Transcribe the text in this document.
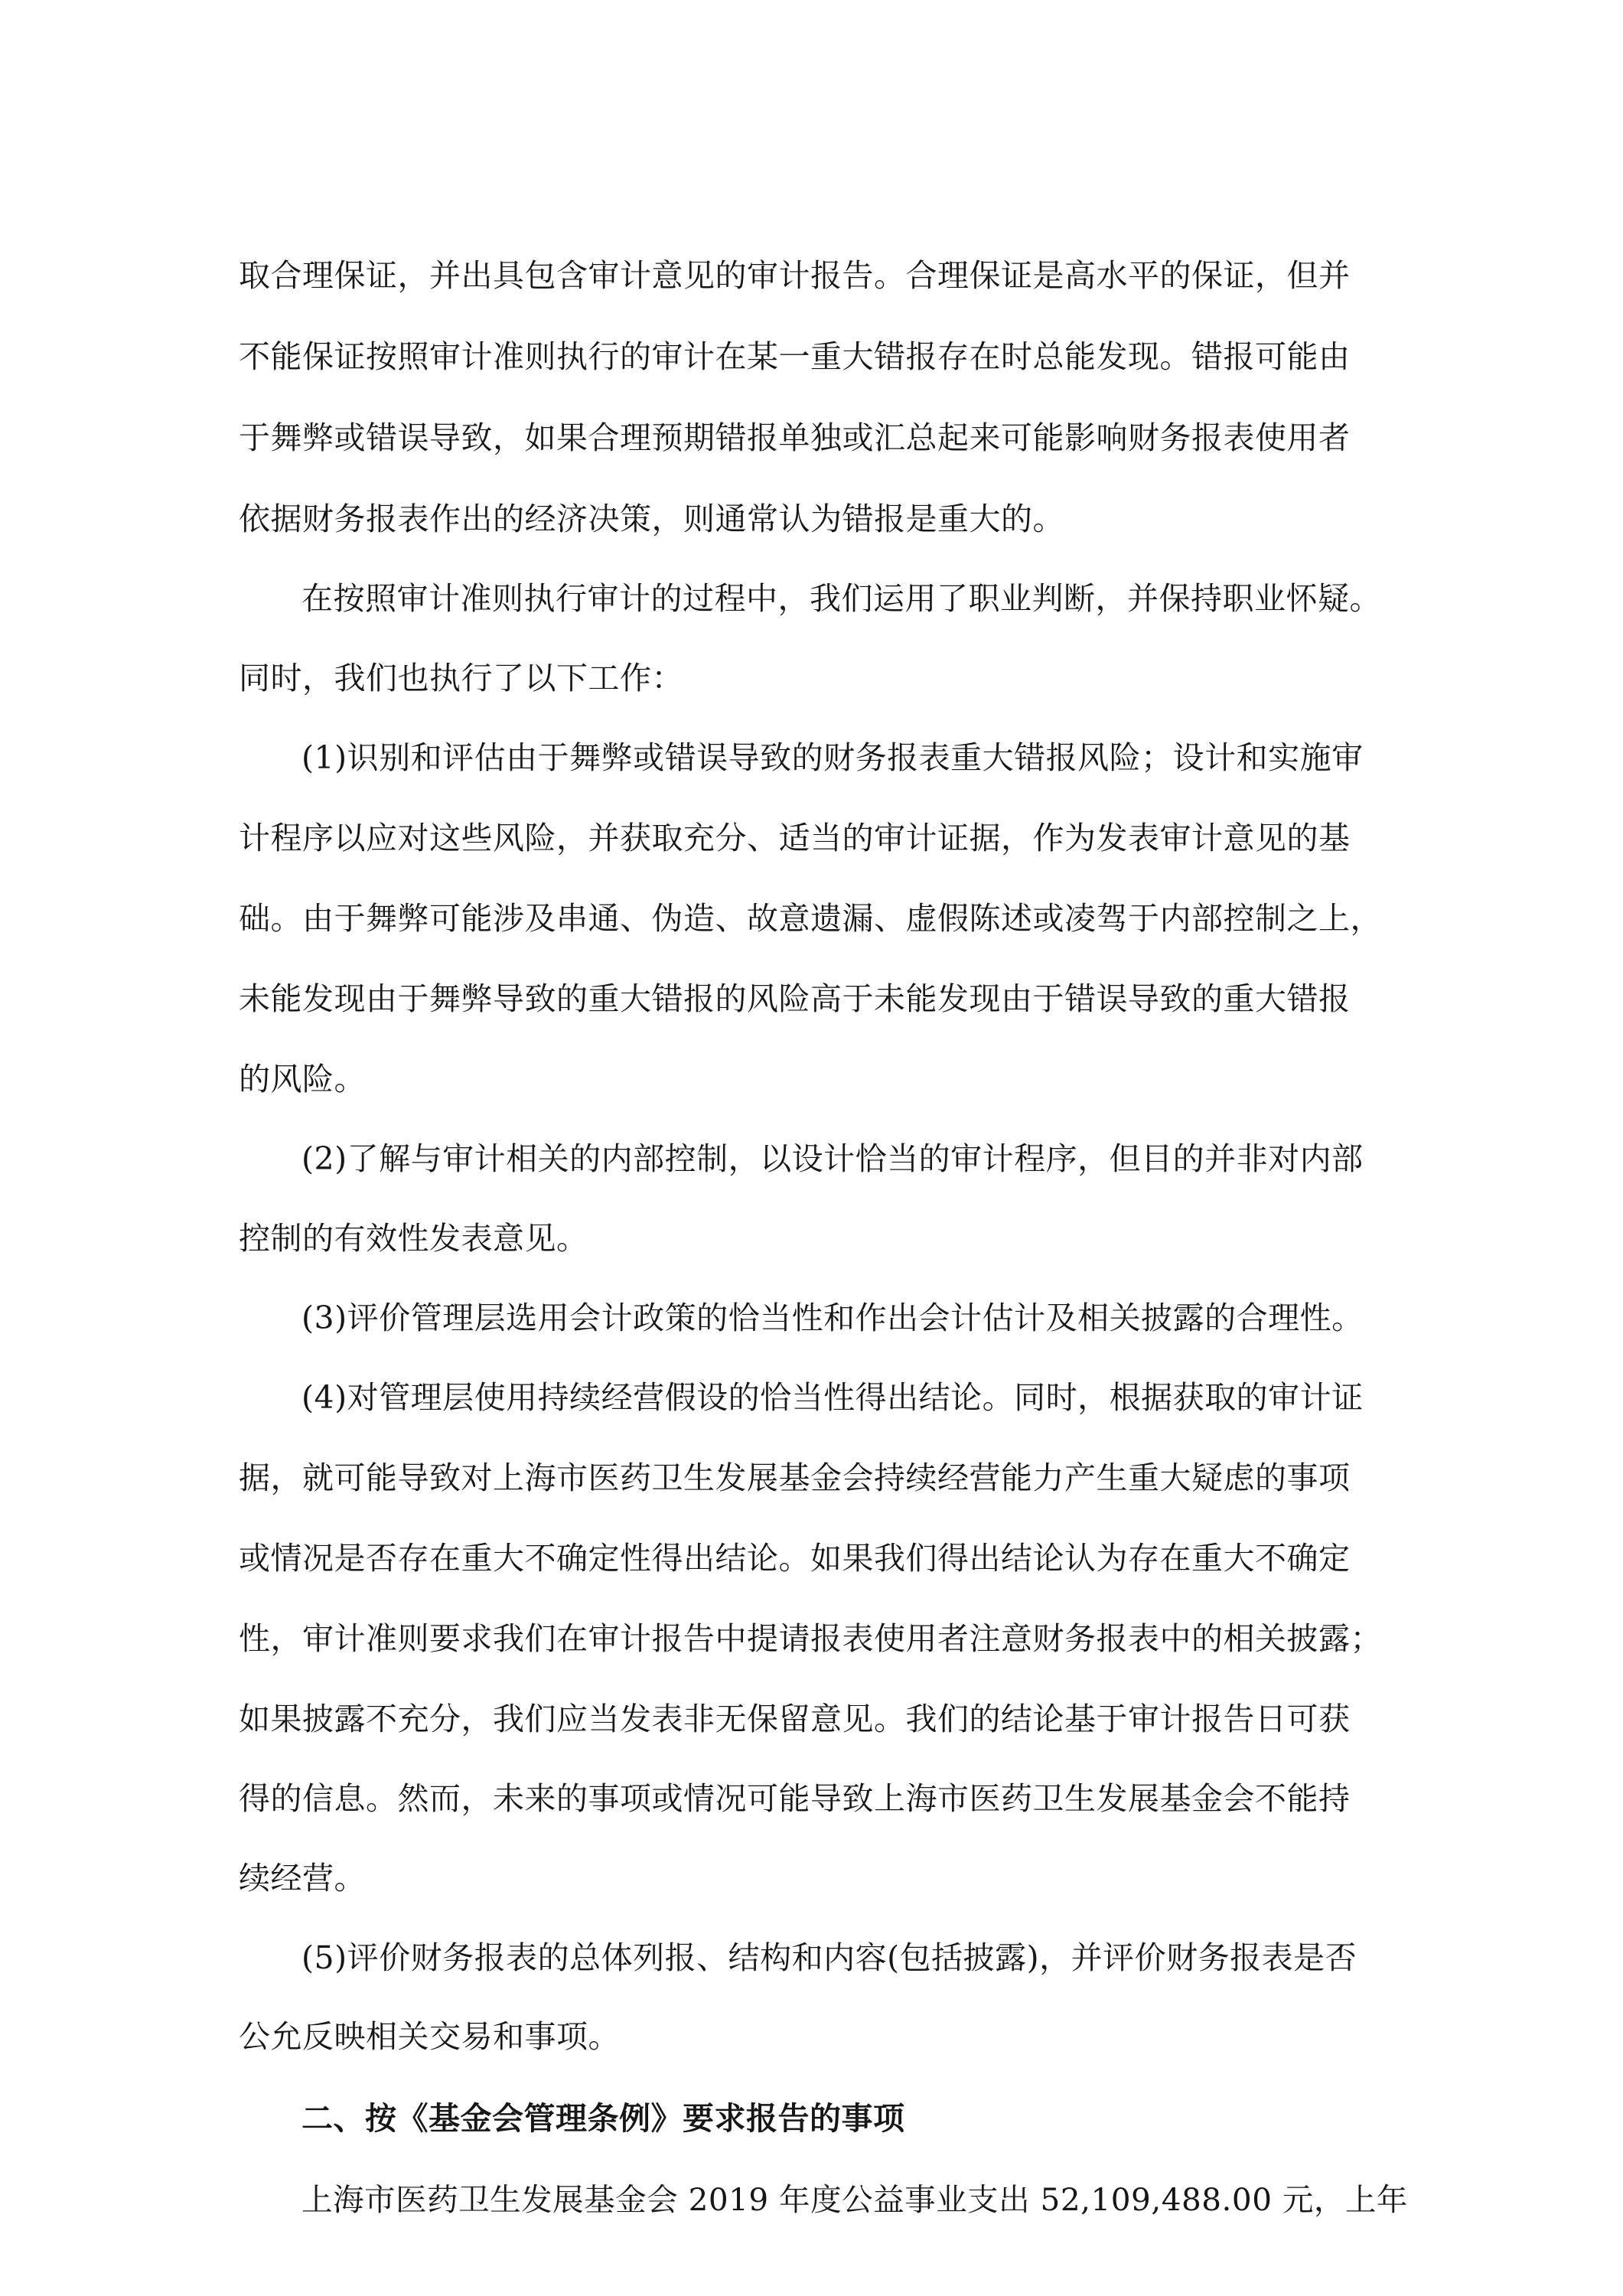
取合理保证，并出具包含审计意见的审计报告。合理保证是高水平的保证，但并
不能保证按照审计准则执行的审计在某一重大错报存在时总能发现。错报可能由
于舞弊或错误导致，如果合理预期错报单独或汇总起来可能影响财务报表使用者
依据财务报表作出的经济决策，则通常认为错报是重大的。
在按照审计准则执行审计的过程中，我们运用了职业判断，并保持职业怀疑。
同时，我们也执行了以下工作：
(1)识别和评估由于舞弊或错误导致的财务报表重大错报风险；设计和实施审
计程序以应对这些风险，并获取充分、适当的审计证据，作为发表审计意见的基
础。由于舞弊可能涉及串通、伪造、故意遗漏、虚假陈述或凌驾于内部控制之上，
未能发现由于舞弊导致的重大错报的风险高于未能发现由于错误导致的重大错报
的风险。
(2)了解与审计相关的内部控制，以设计恰当的审计程序，但目的并非对内部
控制的有效性发表意见。
(3)评价管理层选用会计政策的恰当性和作出会计估计及相关披露的合理性。
(4)对管理层使用持续经营假设的恰当性得出结论。同时，根据获取的审计证
据，就可能导致对上海市医药卫生发展基金会持续经营能力产生重大疑虑的事项
或情况是否存在重大不确定性得出结论。如果我们得出结论认为存在重大不确定
性，审计准则要求我们在审计报告中提请报表使用者注意财务报表中的相关披露；
如果披露不充分，我们应当发表非无保留意见。我们的结论基于审计报告日可获
得的信息。然而，未来的事项或情况可能导致上海市医药卫生发展基金会不能持
续经营。
(5)评价财务报表的总体列报、结构和内容(包括披露)，并评价财务报表是否
公允反映相关交易和事项。
二、按《基金会管理条例》要求报告的事项
上海市医药卫生发展基金会 2019 年度公益事业支出 52,109,488.00 元，上年
